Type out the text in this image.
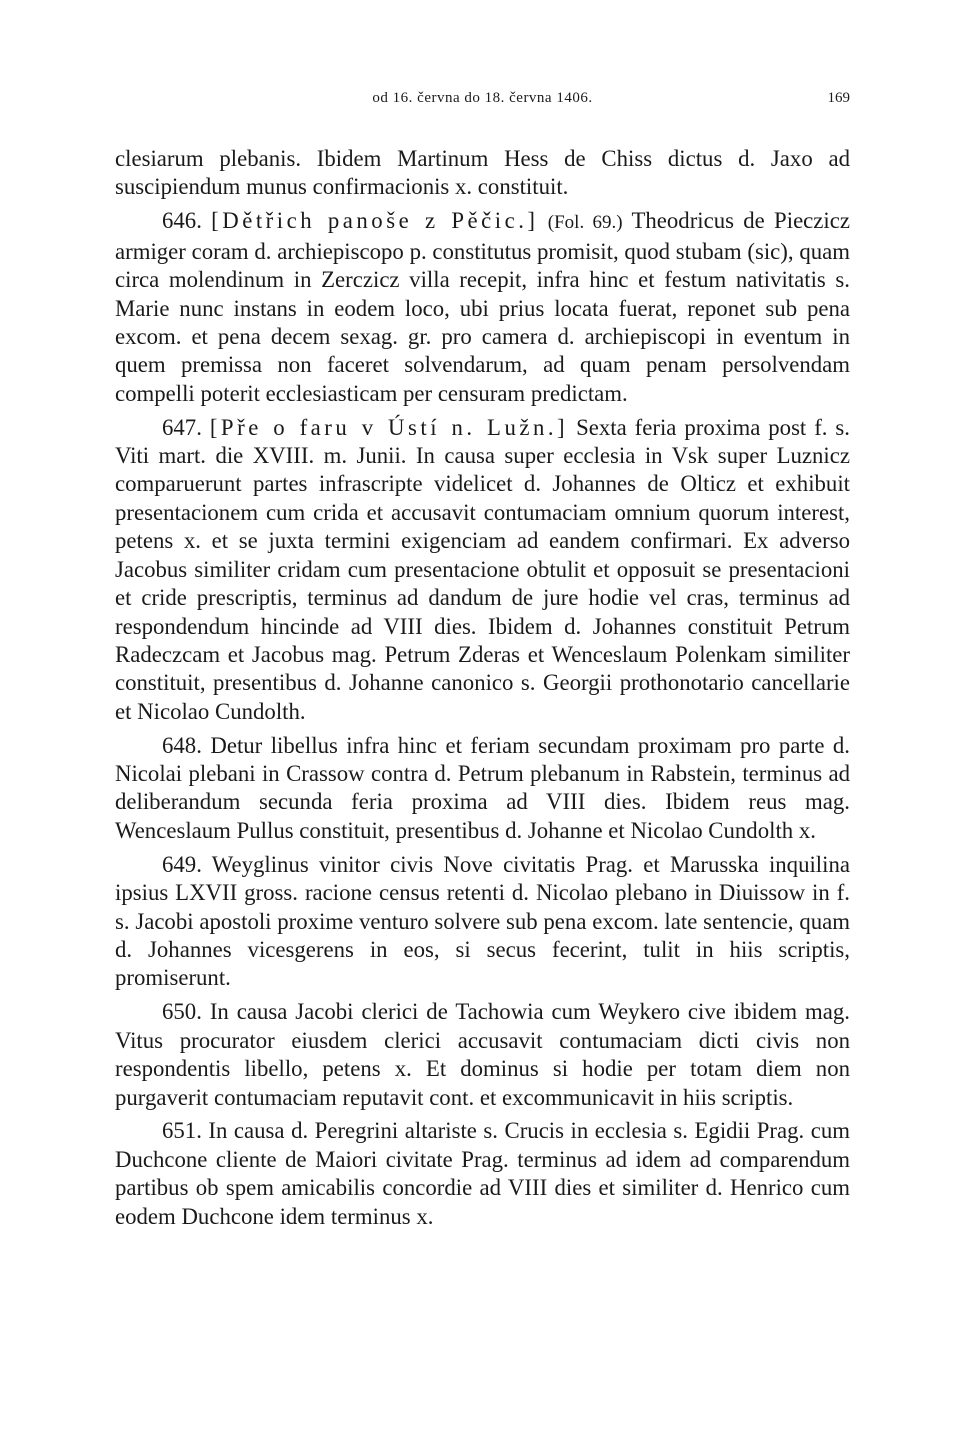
od 16. června do 18. června 1406.	169

clesiarum plebanis. Ibidem Martinum Hess de Chiss dictus d. Jaxo ad suscipiendum munus confirmacionis x. constituit.

646. [Dětřich panoše z Pěčic.] (Fol. 69.) Theodricus de Pieczicz armiger coram d. archiepiscopo p. constitutus promisit, quod stubam (sic), quam circa molendinum in Zerczicz villa recepit, infra hinc et festum nativitatis s. Marie nunc instans in eodem loco, ubi prius locata fuerat, reponet sub pena excom. et pena decem sexag. gr. pro camera d. archiepiscopi in eventum in quem premissa non faceret solvendarum, ad quam penam persolvendam compelli poterit ecclesiasticam per censuram predictam.

647. [Pře o faru v Ústí n. Lužn.] Sexta feria proxima post f. s. Viti mart. die XVIII. m. Junii. In causa super ecclesia in Vsk super Luznicz comparuerunt partes infrascripte videlicet d. Johannes de Olticz et exhibuit presentacionem cum crida et accusavit contumaciam omnium quorum interest, petens x. et se juxta termini exigenciam ad eandem confirmari. Ex adverso Jacobus similiter cridam cum presentacione obtulit et opposuit se presentacioni et cride prescriptis, terminus ad dandum de jure hodie vel cras, terminus ad respondendum hincinde ad VIII dies. Ibidem d. Johannes constituit Petrum Radeczcam et Jacobus mag. Petrum Zderas et Wenceslaum Polenkam similiter constituit, presentibus d. Johanne canonico s. Georgii prothonotario cancellarie et Nicolao Cundolth.

648. Detur libellus infra hinc et feriam secundam proximam pro parte d. Nicolai plebani in Crassow contra d. Petrum plebanum in Rabstein, terminus ad deliberandum secunda feria proxima ad VIII dies. Ibidem reus mag. Wenceslaum Pullus constituit, presentibus d. Johanne et Nicolao Cundolth x.

649. Weyglinus vinitor civis Nove civitatis Prag. et Marusska inquilina ipsius LXVII gross. racione census retenti d. Nicolao plebano in Diuissow in f. s. Jacobi apostoli proxime venturo solvere sub pena excom. late sentencie, quam d. Johannes vicesgerens in eos, si secus fecerint, tulit in hiis scriptis, promiserunt.

650. In causa Jacobi clerici de Tachowia cum Weykero cive ibidem mag. Vitus procurator eiusdem clerici accusavit contumaciam dicti civis non respondentis libello, petens x. Et dominus si hodie per totam diem non purgaverit contumaciam reputavit cont. et excommunicavit in hiis scriptis.

651. In causa d. Peregrini altariste s. Crucis in ecclesia s. Egidii Prag. cum Duchcone cliente de Maiori civitate Prag. terminus ad idem ad comparendum partibus ob spem amicabilis concordie ad VIII dies et similiter d. Henrico cum eodem Duchcone idem terminus x.
